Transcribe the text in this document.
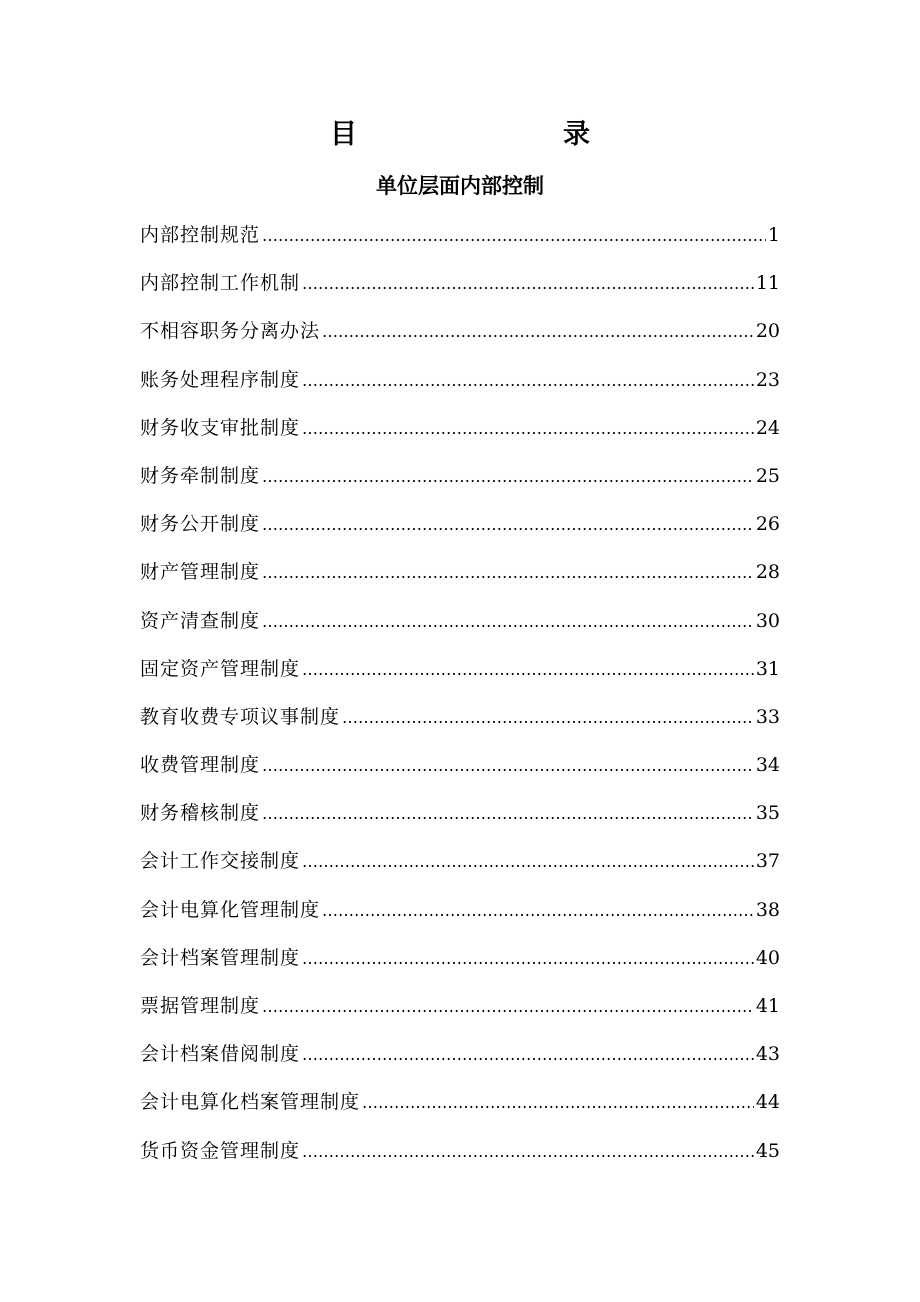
目	录
单位层面内部控制
内部控制规范 ……………………………………………………………………………………………………………………………………………	1
内部控制工作机制 ……………………………………………………………………………………………………………………………………………	11
不相容职务分离办法 ……………………………………………………………………………………………………………………………………………	20
账务处理程序制度 ……………………………………………………………………………………………………………………………………………	23
财务收支审批制度 ……………………………………………………………………………………………………………………………………………	24
财务牵制制度 ……………………………………………………………………………………………………………………………………………	25
财务公开制度 ……………………………………………………………………………………………………………………………………………	26
财产管理制度 ……………………………………………………………………………………………………………………………………………	28
资产清查制度 ……………………………………………………………………………………………………………………………………………	30
固定资产管理制度 ……………………………………………………………………………………………………………………………………………	31
教育收费专项议事制度 ……………………………………………………………………………………………………………………………………………	33
收费管理制度 ……………………………………………………………………………………………………………………………………………	34
财务稽核制度 ……………………………………………………………………………………………………………………………………………	35
会计工作交接制度 ……………………………………………………………………………………………………………………………………………	37
会计电算化管理制度 ……………………………………………………………………………………………………………………………………………	38
会计档案管理制度 ……………………………………………………………………………………………………………………………………………	40
票据管理制度 ……………………………………………………………………………………………………………………………………………	41
会计档案借阅制度 ……………………………………………………………………………………………………………………………………………	43
会计电算化档案管理制度 ……………………………………………………………………………………………………………………………………………	44
货币资金管理制度 ……………………………………………………………………………………………………………………………………………	45
